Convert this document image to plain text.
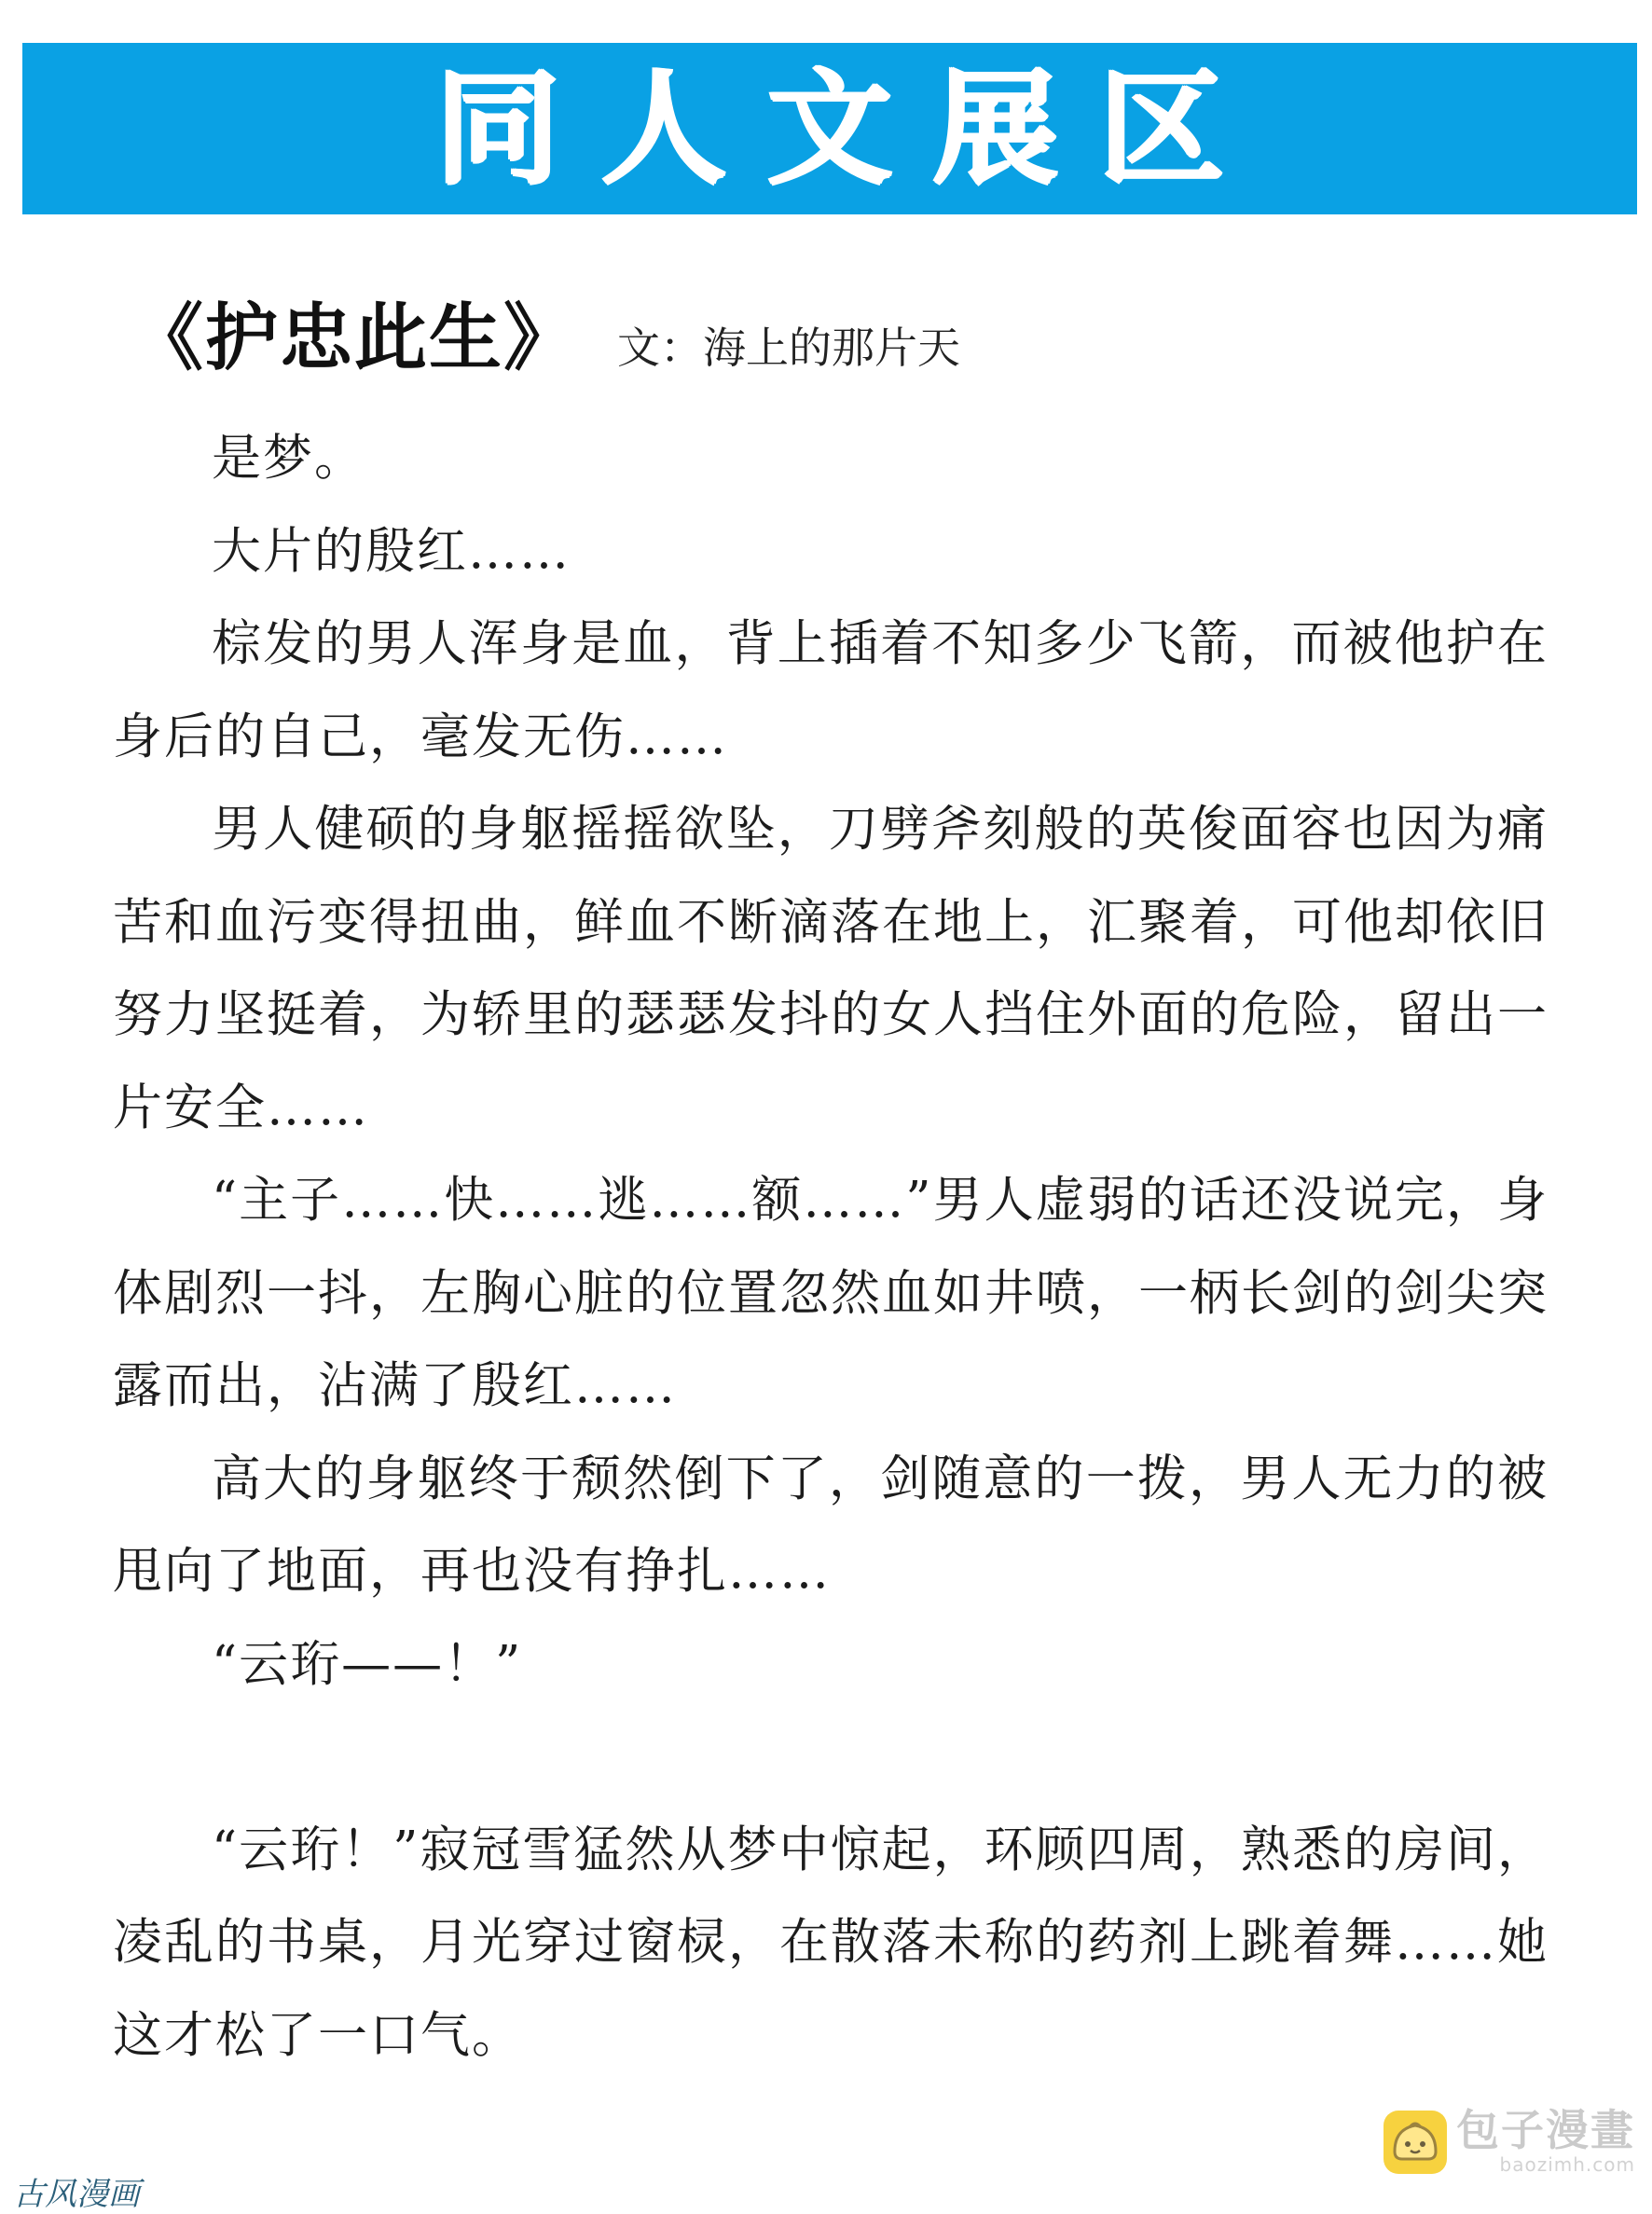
同人文展区
《护忠此生》 文：海上的那片天

是梦。

大片的殷红……

棕发的男人浑身是血，背上插着不知多少飞箭，而被他护在身后的自己，毫发无伤……

男人健硕的身躯摇摇欲坠，刀劈斧刻般的英俊面容也因为痛苦和血污变得扭曲，鲜血不断滴落在地上，汇聚着，可他却依旧努力坚挺着，为轿里的瑟瑟发抖的女人挡住外面的危险，留出一片安全……

“主子……快……逃……额……”男人虚弱的话还没说完，身体剧烈一抖，左胸心脏的位置忽然血如井喷，一柄长剑的剑尖突露而出，沾满了殷红……

高大的身躯终于颓然倒下了，剑随意的一拨，男人无力的被甩向了地面，再也没有挣扎……

“云珩——！”

“云珩！”寂冠雪猛然从梦中惊起，环顾四周，熟悉的房间，凌乱的书桌，月光穿过窗棂，在散落未称的药剂上跳着舞……她这才松了一口气。

古风漫画
包子漫畫
baozimh.com
